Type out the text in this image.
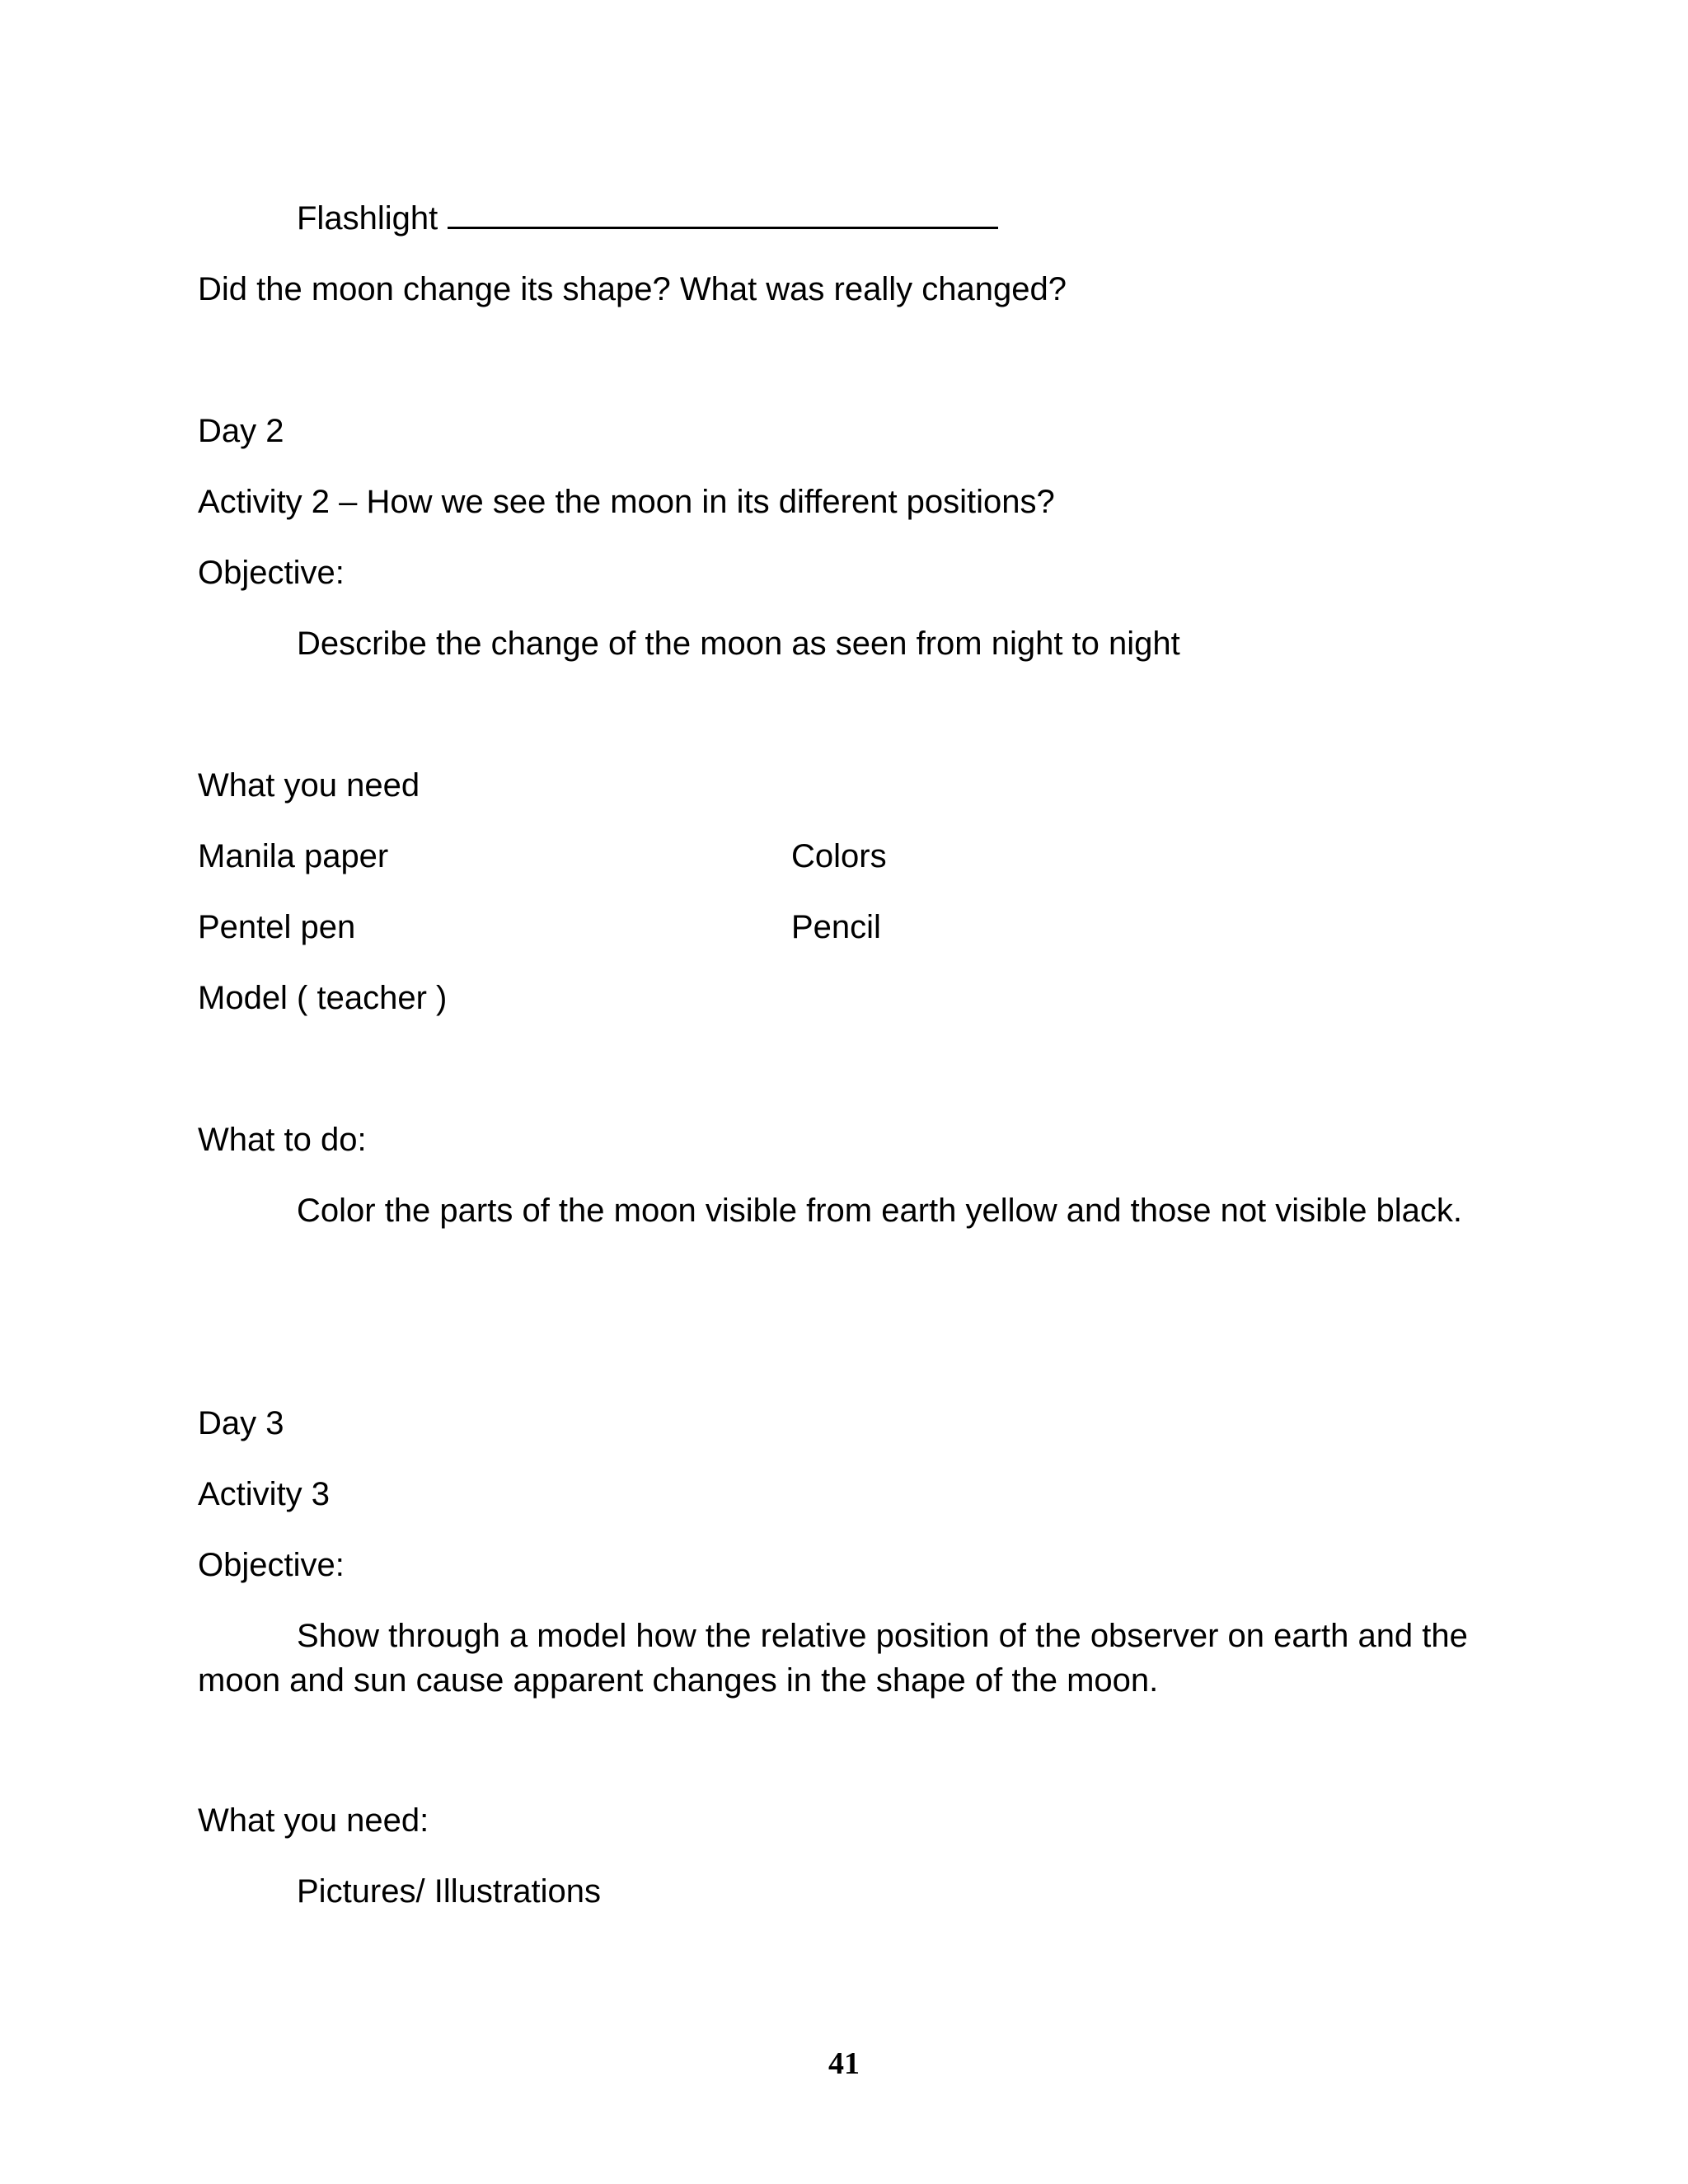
Flashlight
Did the moon change its shape? What was really changed?
Day 2
Activity 2 – How we see the moon in its different positions?
Objective:
Describe the change of the moon as seen from night to night
What you need
Manila paper	Colors
Pentel pen	Pencil
Model ( teacher )
What to do:
Color the parts of the moon visible from earth yellow and those not visible black.
Day 3
Activity 3
Objective:
Show through a model how the relative position of the observer on earth and the moon and sun cause apparent changes in the shape of the moon.
What you need:
Pictures/ Illustrations
41
